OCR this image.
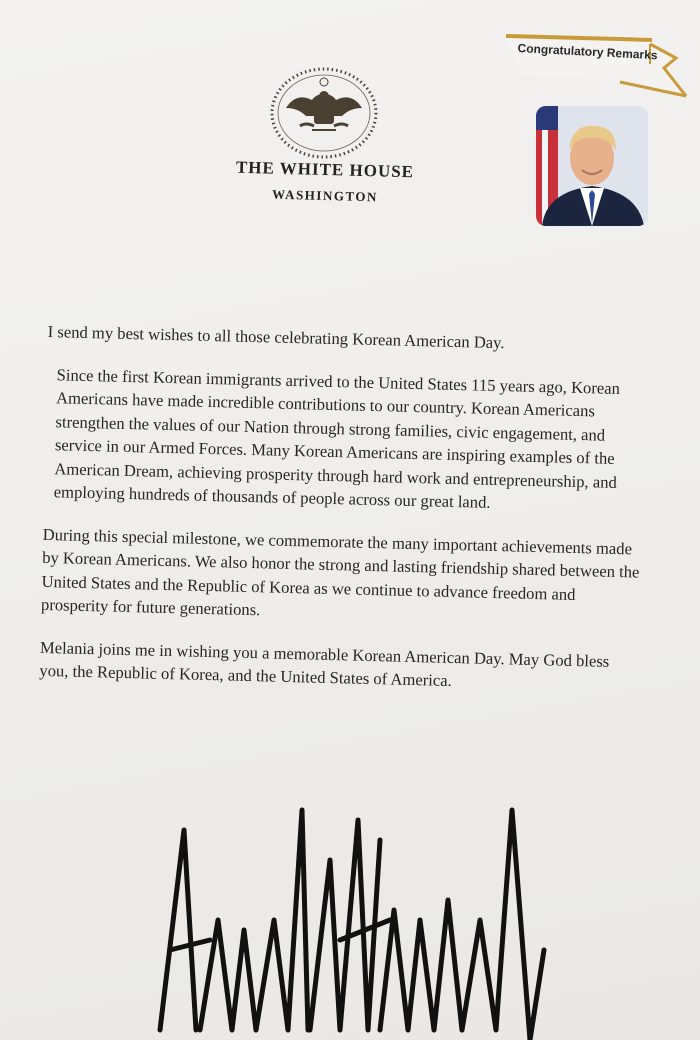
Congratulatory Remarks
THE WHITE HOUSE
WASHINGTON

I send my best wishes to all those celebrating Korean American Day.

Since the first Korean immigrants arrived to the United States 115 years ago, Korean Americans have made incredible contributions to our country. Korean Americans strengthen the values of our Nation through strong families, civic engagement, and service in our Armed Forces. Many Korean Americans are inspiring examples of the American Dream, achieving prosperity through hard work and entrepreneurship, and employing hundreds of thousands of people across our great land.

During this special milestone, we commemorate the many important achievements made by Korean Americans. We also honor the strong and lasting friendship shared between the United States and the Republic of Korea as we continue to advance freedom and prosperity for future generations.

Melania joins me in wishing you a memorable Korean American Day. May God bless you, the Republic of Korea, and the United States of America.
